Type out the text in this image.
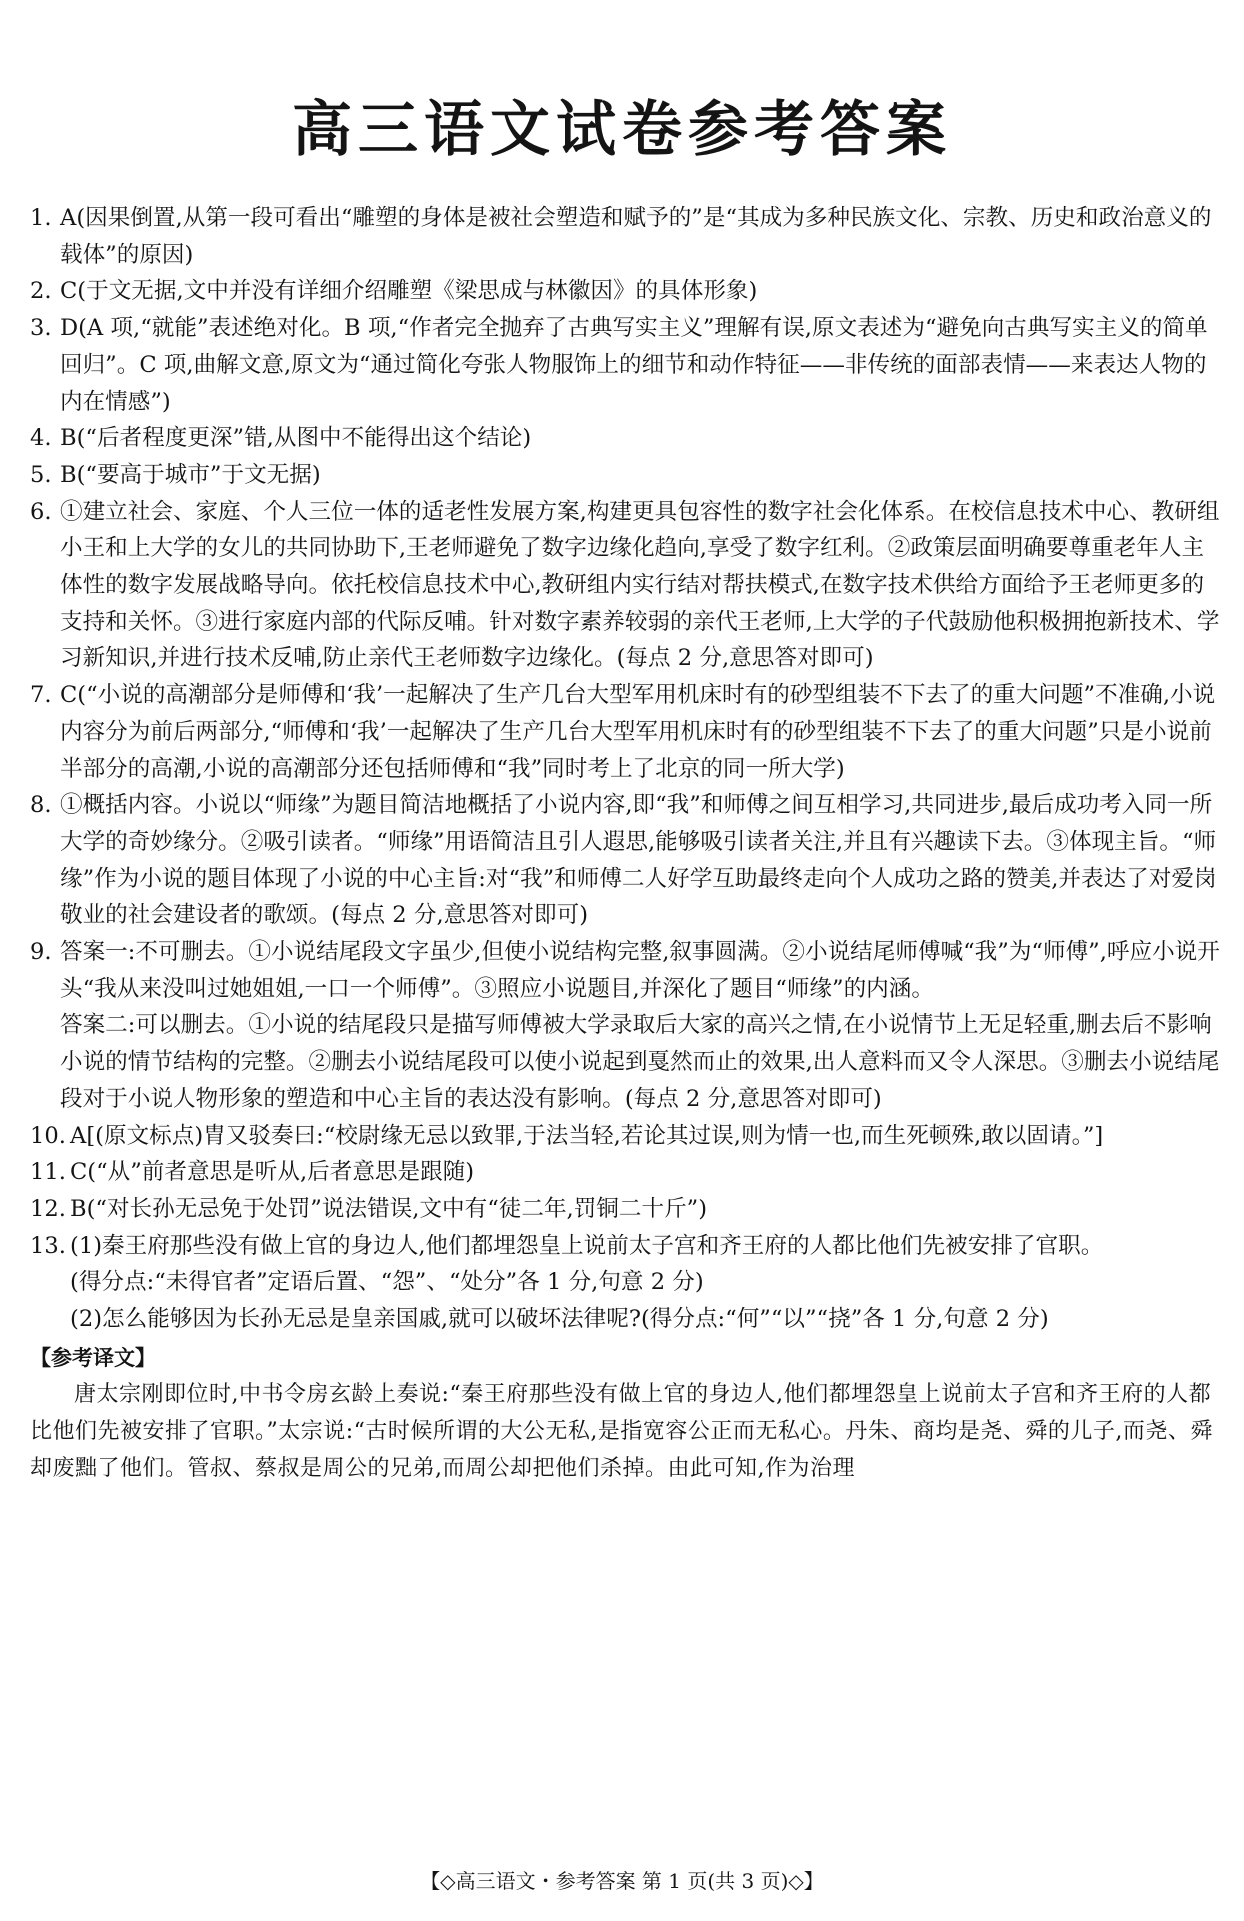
高三语文试卷参考答案

1. A(因果倒置,从第一段可看出“雕塑的身体是被社会塑造和赋予的”是“其成为多种民族文化、宗教、历史和政治意义的载体”的原因)

2. C(于文无据,文中并没有详细介绍雕塑《梁思成与林徽因》的具体形象)

3. D(A 项,“就能”表述绝对化。B 项,“作者完全抛弃了古典写实主义”理解有误,原文表述为“避免向古典写实主义的简单回归”。C 项,曲解文意,原文为“通过简化夸张人物服饰上的细节和动作特征——非传统的面部表情——来表达人物的内在情感”)

4. B(“后者程度更深”错,从图中不能得出这个结论)

5. B(“要高于城市”于文无据)

6. ①建立社会、家庭、个人三位一体的适老性发展方案,构建更具包容性的数字社会化体系。在校信息技术中心、教研组小王和上大学的女儿的共同协助下,王老师避免了数字边缘化趋向,享受了数字红利。②政策层面明确要尊重老年人主体性的数字发展战略导向。依托校信息技术中心,教研组内实行结对帮扶模式,在数字技术供给方面给予王老师更多的支持和关怀。③进行家庭内部的代际反哺。针对数字素养较弱的亲代王老师,上大学的子代鼓励他积极拥抱新技术、学习新知识,并进行技术反哺,防止亲代王老师数字边缘化。(每点 2 分,意思答对即可)

7. C(“小说的高潮部分是师傅和‘我’一起解决了生产几台大型军用机床时有的砂型组装不下去了的重大问题”不准确,小说内容分为前后两部分,“师傅和‘我’一起解决了生产几台大型军用机床时有的砂型组装不下去了的重大问题”只是小说前半部分的高潮,小说的高潮部分还包括师傅和“我”同时考上了北京的同一所大学)

8. ①概括内容。小说以“师缘”为题目简洁地概括了小说内容,即“我”和师傅之间互相学习,共同进步,最后成功考入同一所大学的奇妙缘分。②吸引读者。“师缘”用语简洁且引人遐思,能够吸引读者关注,并且有兴趣读下去。③体现主旨。“师缘”作为小说的题目体现了小说的中心主旨:对“我”和师傅二人好学互助最终走向个人成功之路的赞美,并表达了对爱岗敬业的社会建设者的歌颂。(每点 2 分,意思答对即可)

9. 答案一:不可删去。①小说结尾段文字虽少,但使小说结构完整,叙事圆满。②小说结尾师傅喊“我”为“师傅”,呼应小说开头“我从来没叫过她姐姐,一口一个师傅”。③照应小说题目,并深化了题目“师缘”的内涵。
答案二:可以删去。①小说的结尾段只是描写师傅被大学录取后大家的高兴之情,在小说情节上无足轻重,删去后不影响小说的情节结构的完整。②删去小说结尾段可以使小说起到戛然而止的效果,出人意料而又令人深思。③删去小说结尾段对于小说人物形象的塑造和中心主旨的表达没有影响。(每点 2 分,意思答对即可)

10. A[(原文标点)胄又驳奏曰:“校尉缘无忌以致罪,于法当轻,若论其过误,则为情一也,而生死顿殊,敢以固请。”]

11. C(“从”前者意思是听从,后者意思是跟随)

12. B(“对长孙无忌免于处罚”说法错误,文中有“徒二年,罚铜二十斤”)

13. (1)秦王府那些没有做上官的身边人,他们都埋怨皇上说前太子宫和齐王府的人都比他们先被安排了官职。
(得分点:“未得官者”定语后置、“怨”、“处分”各 1 分,句意 2 分)
(2)怎么能够因为长孙无忌是皇亲国戚,就可以破坏法律呢?(得分点:“何”“以”“挠”各 1 分,句意 2 分)
【参考译文】

唐太宗刚即位时,中书令房玄龄上奏说:“秦王府那些没有做上官的身边人,他们都埋怨皇上说前太子宫和齐王府的人都比他们先被安排了官职。”太宗说:“古时候所谓的大公无私,是指宽容公正而无私心。丹朱、商均是尧、舜的儿子,而尧、舜却废黜了他们。管叔、蔡叔是周公的兄弟,而周公却把他们杀掉。由此可知,作为治理

【◇高三语文・参考答案 第 1 页(共 3 页)◇】
